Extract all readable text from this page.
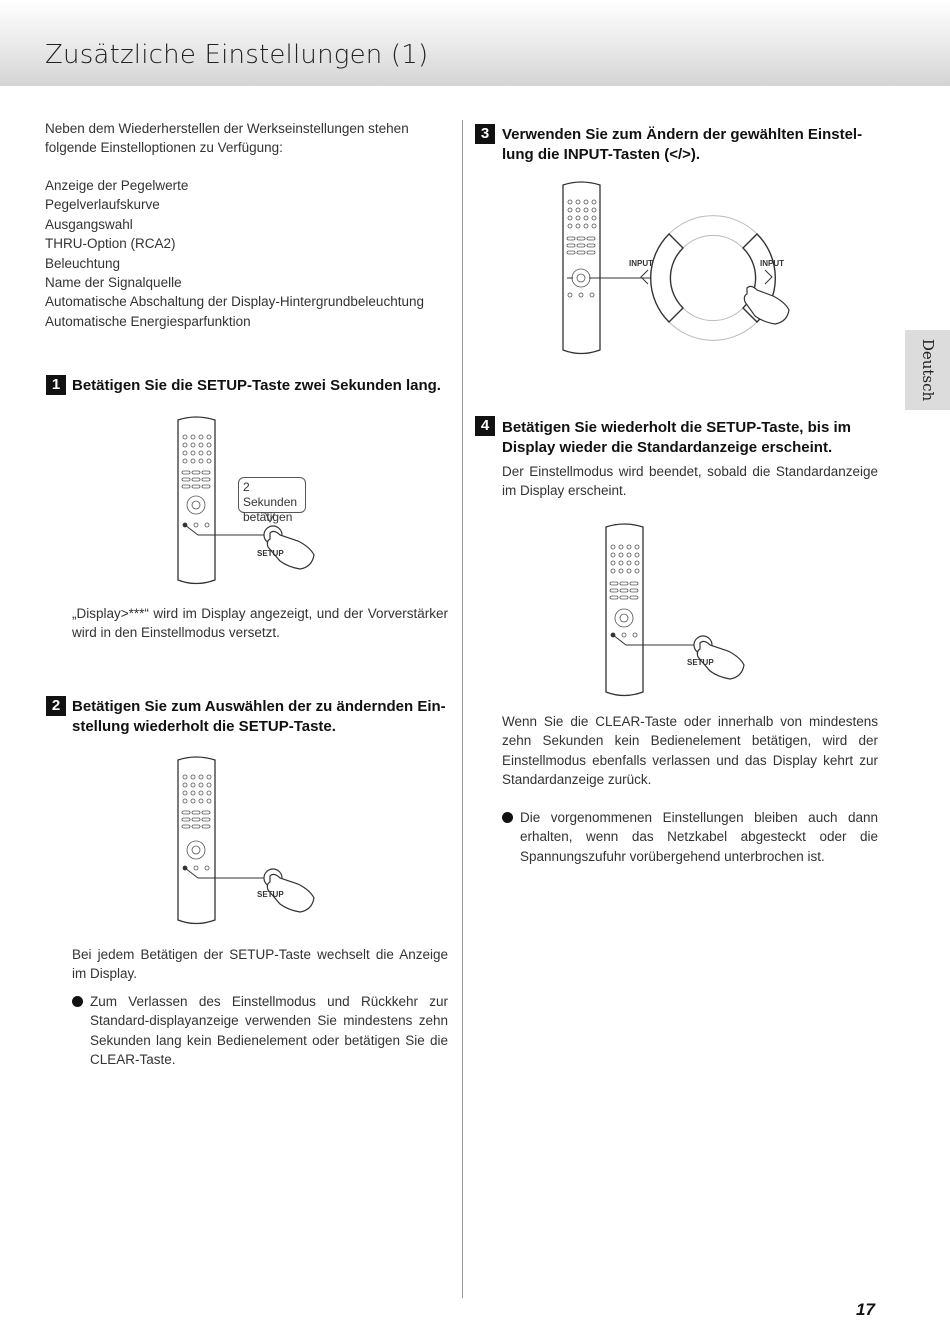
Zusätzliche Einstellungen (1)
Deutsch
Neben dem Wiederherstellen der Werkseinstellungen stehen folgende Einstelloptionen zu Verfügung:
Anzeige der Pegelwerte
Pegelverlaufskurve
Ausgangswahl
THRU-Option (RCA2)
Beleuchtung
Name der Signalquelle
Automatische Abschaltung der Display-Hintergrundbeleuchtung
Automatische Energiesparfunktion
1 Betätigen Sie die SETUP-Taste zwei Sekunden lang.
SETUP
2 Sekunden
betätigen
„Display>***“ wird im Display angezeigt, und der Vorverstärker wird in den Einstellmodus versetzt.
2 Betätigen Sie zum Auswählen der zu ändernden Ein-
stellung wiederholt die SETUP-Taste.
SETUP
Bei jedem Betätigen der SETUP-Taste wechselt die Anzeige im Display.
Zum Verlassen des Einstellmodus und Rückkehr zur Standard-displayanzeige verwenden Sie mindestens zehn Sekunden lang kein Bedienelement oder betätigen Sie die CLEAR-Taste.
3 Verwenden Sie zum Ändern der gewählten Einstel-
lung die INPUT-Tasten (</>).
INPUT	INPUT
4 Betätigen Sie wiederholt die SETUP-Taste, bis im
Display wieder die Standardanzeige erscheint.
Der Einstellmodus wird beendet, sobald die Standardanzeige im Display erscheint.
SETUP
Wenn Sie die CLEAR-Taste oder innerhalb von mindestens zehn Sekunden kein Bedienelement betätigen, wird der Einstellmodus ebenfalls verlassen und das Display kehrt zur Standardanzeige zurück.
Die vorgenommenen Einstellungen bleiben auch dann erhalten, wenn das Netzkabel abgesteckt oder die Spannungszufuhr vorübergehend unterbrochen ist.
17
